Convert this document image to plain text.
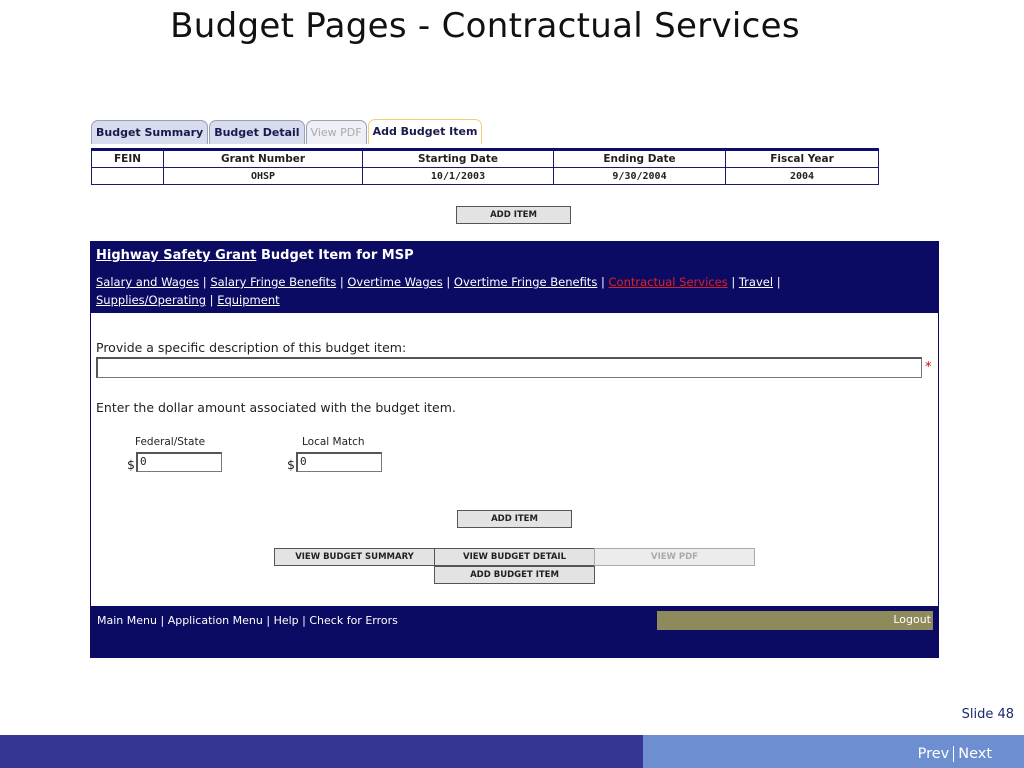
Budget Pages - Contractual Services
Budget Summary	Budget Detail	View PDF	Add Budget Item
FEIN	Grant Number	Starting Date	Ending Date	Fiscal Year
	OHSP	10/1/2003	9/30/2004	2004
ADD ITEM
Highway Safety Grant Budget Item for MSP
Salary and Wages | Salary Fringe Benefits | Overtime Wages | Overtime Fringe Benefits | Contractual Services | Travel |
Supplies/Operating | Equipment
Provide a specific description of this budget item:
*
Enter the dollar amount associated with the budget item.
Federal/State	Local Match
$ 0	$ 0
ADD ITEM
VIEW BUDGET SUMMARY	VIEW BUDGET DETAIL	VIEW PDF
ADD BUDGET ITEM
Main Menu | Application Menu | Help | Check for Errors	Logout
Slide 48
Prev Next
